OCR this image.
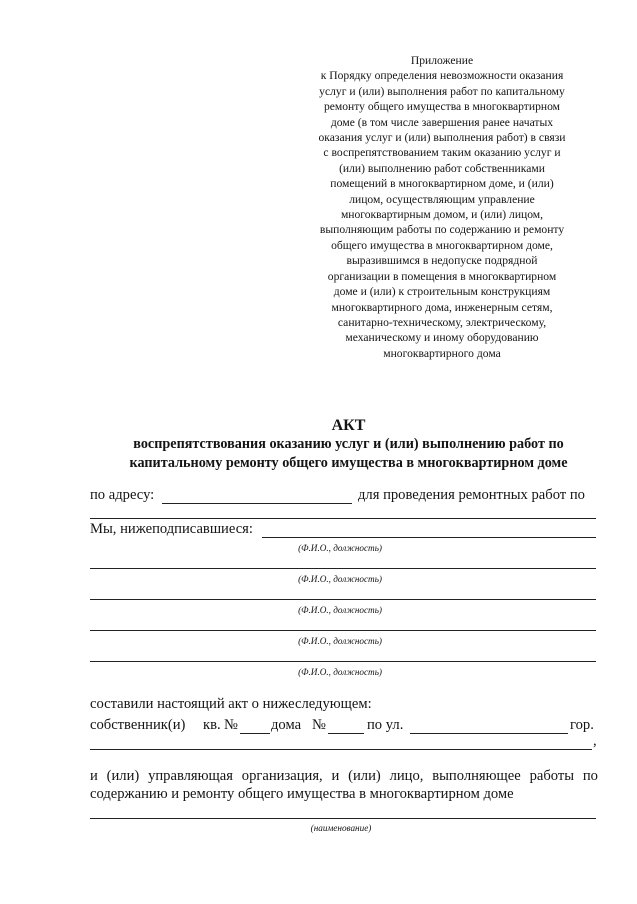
Приложение
к Порядку определения невозможности оказания
услуг и (или) выполнения работ по капитальному
ремонту общего имущества в многоквартирном
доме (в том числе завершения ранее начатых
оказания услуг и (или) выполнения работ) в связи
с воспрепятствованием таким оказанию услуг и
(или) выполнению работ собственниками
помещений в многоквартирном доме, и (или)
лицом, осуществляющим управление
многоквартирным домом, и (или) лицом,
выполняющим работы по содержанию и ремонту
общего имущества в многоквартирном доме,
выразившимся в недопуске подрядной
организации в помещения в многоквартирном
доме и (или) к строительным конструкциям
многоквартирного дома, инженерным сетям,
санитарно-техническому, электрическому,
механическому и иному оборудованию
многоквартирного дома
АКТ
воспрепятствования оказанию услуг и (или) выполнению работ по
капитальному ремонту общего имущества в многоквартирном доме
по адресу:	для проведения ремонтных работ по
Мы, нижеподписавшиеся:
(Ф.И.О., должность)
(Ф.И.О., должность)
(Ф.И.О., должность)
(Ф.И.О., должность)
(Ф.И.О., должность)
составили настоящий акт о нижеследующем:
собственник(и) кв. № дома №	по ул.	гор.
,
и (или) управляющая организация, и (или) лицо, выполняющее работы по
содержанию и ремонту общего имущества в многоквартирном доме
(наименование)
